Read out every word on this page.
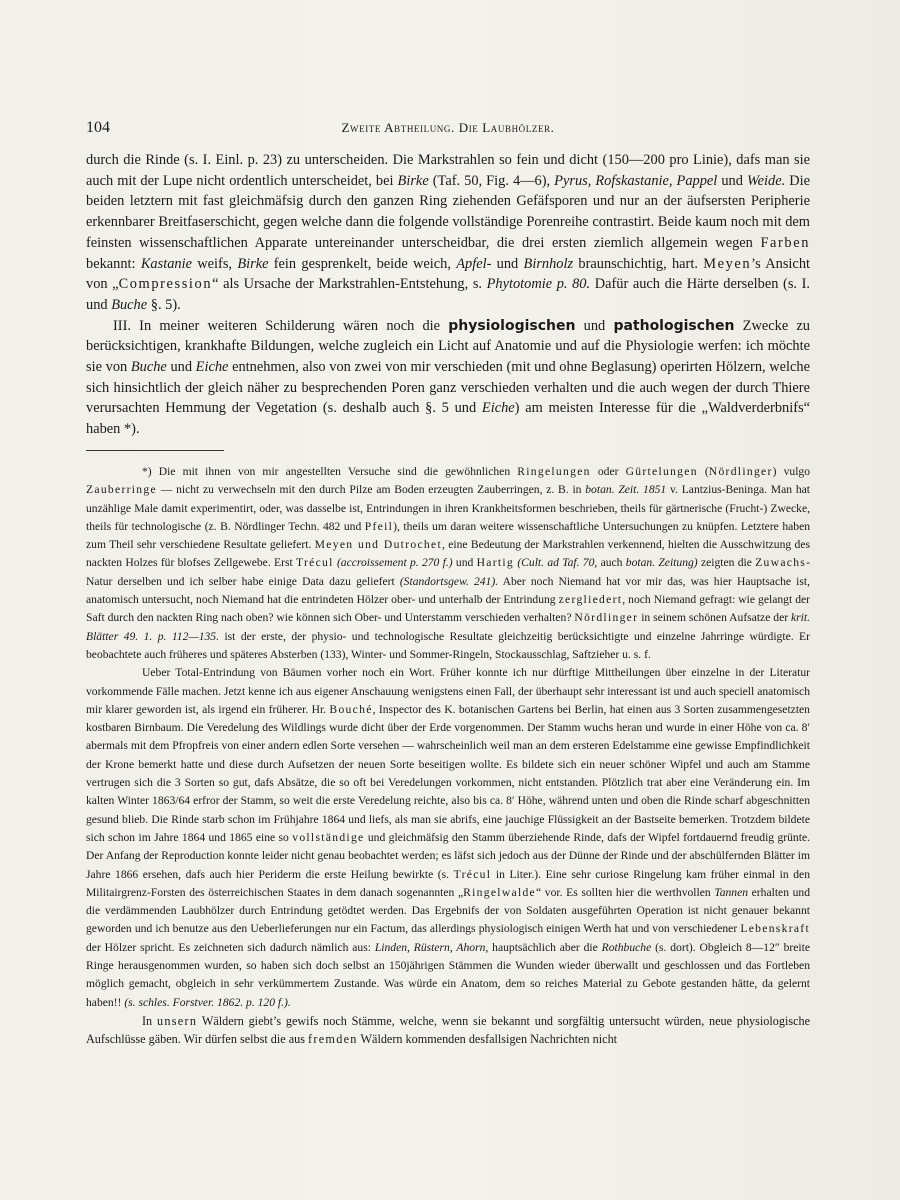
104	Zweite Abtheilung. Die Laubhölzer.

durch die Rinde (s. I. Einl. p. 23) zu unterscheiden. Die Markstrahlen so fein und dicht (150—200 pro Linie), dafs man sie auch mit der Lupe nicht ordentlich unterscheidet, bei Birke (Taf. 50, Fig. 4—6), Pyrus, Rofskastanie, Pappel und Weide. Die beiden letztern mit fast gleichmäfsig durch den ganzen Ring ziehenden Gefäfsporen und nur an der äufsersten Peripherie erkennbarer Breitfaserschicht, gegen welche dann die folgende vollständige Porenreihe contrastirt. Beide kaum noch mit dem feinsten wissenschaftlichen Apparate untereinander unterscheidbar, die drei ersten ziemlich allgemein wegen Farben bekannt: Kastanie weifs, Birke fein gesprenkelt, beide weich, Apfel- und Birnholz braunschichtig, hart. Meyen’s Ansicht von „Compression“ als Ursache der Markstrahlen-Entstehung, s. Phytotomie p. 80. Dafür auch die Härte derselben (s. I. und Buche §. 5).

III. In meiner weiteren Schilderung wären noch die physiologischen und pathologischen Zwecke zu berücksichtigen, krankhafte Bildungen, welche zugleich ein Licht auf Anatomie und auf die Physiologie werfen: ich möchte sie von Buche und Eiche entnehmen, also von zwei von mir verschieden (mit und ohne Beglasung) operirten Hölzern, welche sich hinsichtlich der gleich näher zu besprechenden Poren ganz verschieden verhalten und die auch wegen der durch Thiere verursachten Hemmung der Vegetation (s. deshalb auch §. 5 und Eiche) am meisten Interesse für die „Waldverderbnifs“ haben *).

*) Die mit ihnen von mir angestellten Versuche sind die gewöhnlichen Ringelungen oder Gürtelungen (Nördlinger) vulgo Zauberringe — nicht zu verwechseln mit den durch Pilze am Boden erzeugten Zauberringen, z. B. in botan. Zeit. 1851 v. Lantzius-Beninga. Man hat unzählige Male damit experimentirt, oder, was dasselbe ist, Entrindungen in ihren Krankheitsformen beschrieben, theils für gärtnerische (Frucht-) Zwecke, theils für technologische (z. B. Nördlinger Techn. 482 und Pfeil), theils um daran weitere wissenschaftliche Untersuchungen zu knüpfen. Letztere haben zum Theil sehr verschiedene Resultate geliefert. Meyen und Dutrochet, eine Bedeutung der Markstrahlen verkennend, hielten die Ausschwitzung des nackten Holzes für blofses Zellgewebe. Erst Trécul (accroissement p. 270 f.) und Hartig (Cult. ad Taf. 70, auch botan. Zeitung) zeigten die Zuwachs-Natur derselben und ich selber habe einige Data dazu geliefert (Standortsgew. 241). Aber noch Niemand hat vor mir das, was hier Hauptsache ist, anatomisch untersucht, noch Niemand hat die entrindeten Hölzer ober- und unterhalb der Entrindung zergliedert, noch Niemand gefragt: wie gelangt der Saft durch den nackten Ring nach oben? wie können sich Ober- und Unterstamm verschieden verhalten? Nördlinger in seinem schönen Aufsatze der krit. Blätter 49. 1. p. 112—135. ist der erste, der physio- und technologische Resultate gleichzeitig berücksichtigte und einzelne Jahrringe würdigte. Er beobachtete auch früheres und späteres Absterben (133), Winter- und Sommer-Ringeln, Stockausschlag, Saftzieher u. s. f.

Ueber Total-Entrindung von Bäumen vorher noch ein Wort. Früher konnte ich nur dürftige Mittheilungen über einzelne in der Literatur vorkommende Fälle machen. Jetzt kenne ich aus eigener Anschauung wenigstens einen Fall, der überhaupt sehr interessant ist und auch speciell anatomisch mir klarer geworden ist, als irgend ein früherer. Hr. Bouché, Inspector des K. botanischen Gartens bei Berlin, hat einen aus 3 Sorten zusammengesetzten kostbaren Birnbaum. Die Veredelung des Wildlings wurde dicht über der Erde vorgenommen. Der Stamm wuchs heran und wurde in einer Höhe von ca. 8′ abermals mit dem Pfropfreis von einer andern edlen Sorte versehen — wahrscheinlich weil man an dem ersteren Edelstamme eine gewisse Empfindlichkeit der Krone bemerkt hatte und diese durch Aufsetzen der neuen Sorte beseitigen wollte. Es bildete sich ein neuer schöner Wipfel und auch am Stamme vertrugen sich die 3 Sorten so gut, dafs Absätze, die so oft bei Veredelungen vorkommen, nicht entstanden. Plötzlich trat aber eine Veränderung ein. Im kalten Winter 1863/64 erfror der Stamm, so weit die erste Veredelung reichte, also bis ca. 8′ Höhe, während unten und oben die Rinde scharf abgeschnitten gesund blieb. Die Rinde starb schon im Frühjahre 1864 und liefs, als man sie abrifs, eine jauchige Flüssigkeit an der Bastseite bemerken. Trotzdem bildete sich schon im Jahre 1864 und 1865 eine so vollständige und gleichmäfsig den Stamm überziehende Rinde, dafs der Wipfel fortdauernd freudig grünte. Der Anfang der Reproduction konnte leider nicht genau beobachtet werden; es läfst sich jedoch aus der Dünne der Rinde und der abschülfernden Blätter im Jahre 1866 ersehen, dafs auch hier Periderm die erste Heilung bewirkte (s. Trécul in Liter.). Eine sehr curiose Ringelung kam früher einmal in den Militairgrenz-Forsten des österreichischen Staates in dem danach sogenannten „Ringelwalde“ vor. Es sollten hier die werthvollen Tannen erhalten und die verdämmenden Laubhölzer durch Entrindung getödtet werden. Das Ergebnifs der von Soldaten ausgeführten Operation ist nicht genauer bekannt geworden und ich benutze aus den Ueberlieferungen nur ein Factum, das allerdings physiologisch einigen Werth hat und von verschiedener Lebenskraft der Hölzer spricht. Es zeichneten sich dadurch nämlich aus: Linden, Rüstern, Ahorn, hauptsächlich aber die Rothbuche (s. dort). Obgleich 8—12″ breite Ringe herausgenommen wurden, so haben sich doch selbst an 150jährigen Stämmen die Wunden wieder überwallt und geschlossen und das Fortleben möglich gemacht, obgleich in sehr verkümmertem Zustande. Was würde ein Anatom, dem so reiches Material zu Gebote gestanden hätte, da gelernt haben!! (s. schles. Forstver. 1862. p. 120 f.).

In unsern Wäldern giebt’s gewifs noch Stämme, welche, wenn sie bekannt und sorgfältig untersucht würden, neue physiologische Aufschlüsse gäben. Wir dürfen selbst die aus fremden Wäldern kommenden desfallsigen Nachrichten nicht
